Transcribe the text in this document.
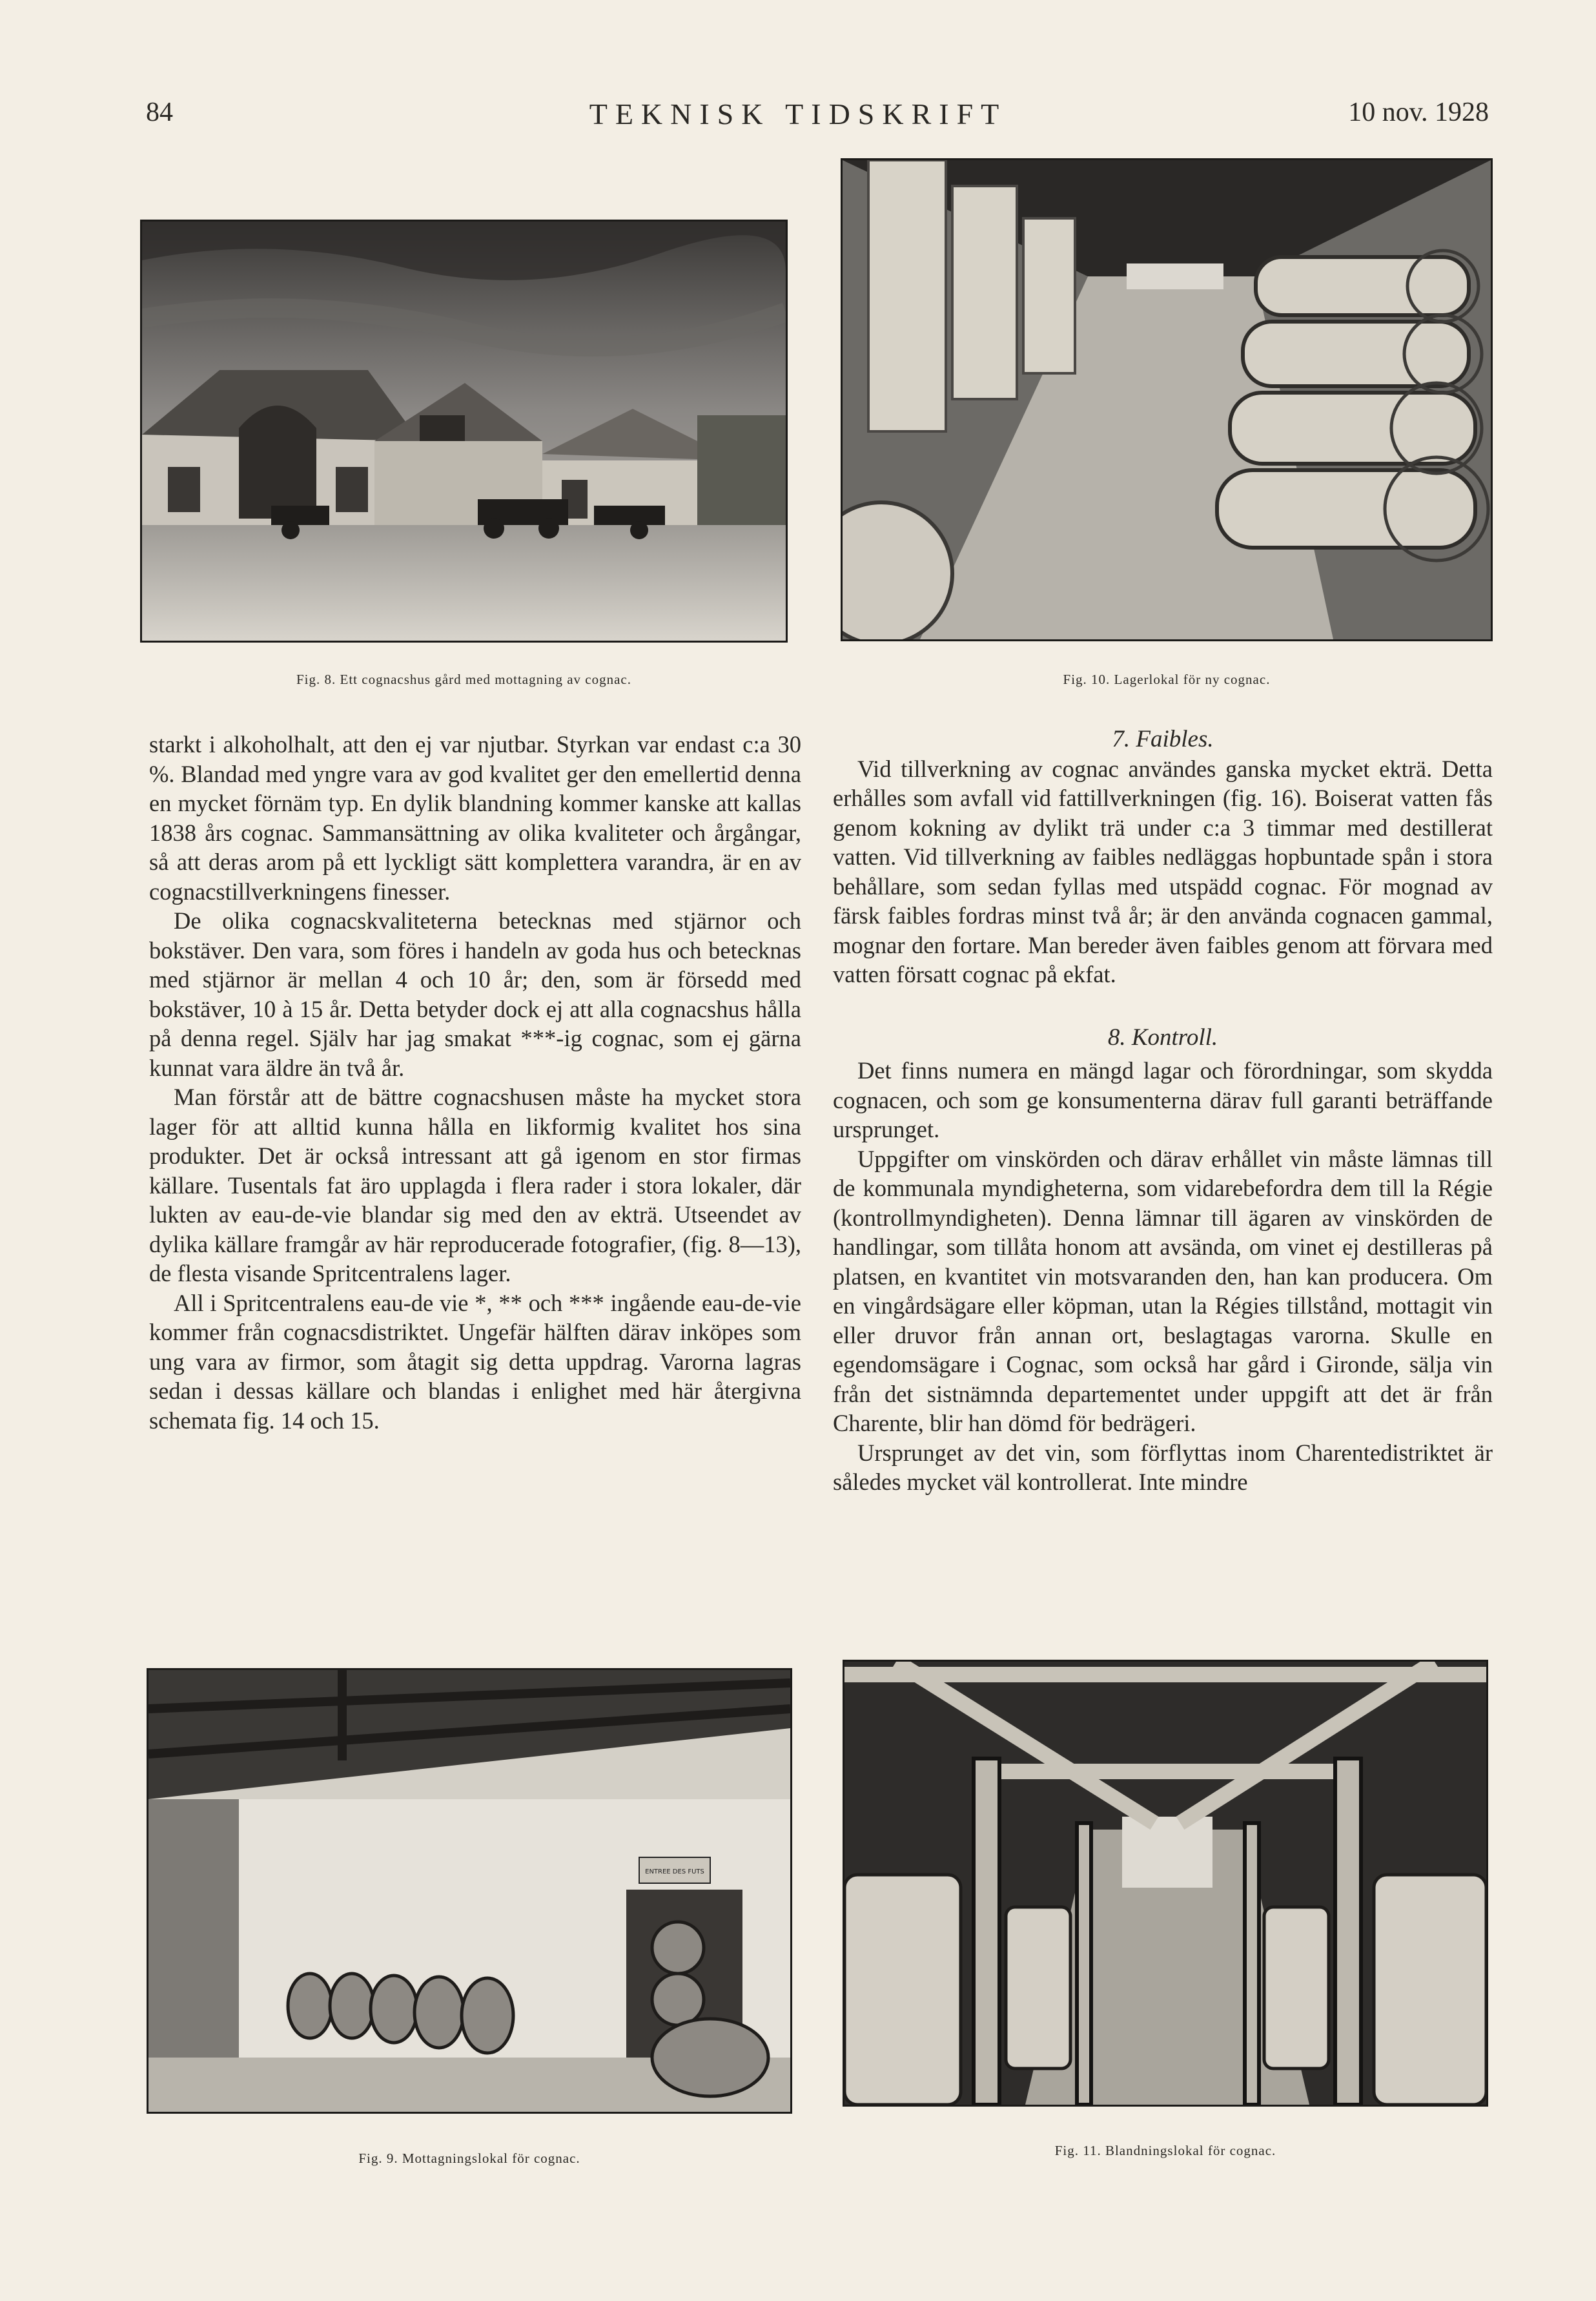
84	TEKNISK TIDSKRIFT	10 nov. 1928
Fig. 8. Ett cognacshus gård med mottagning av cognac.	Fig. 10. Lagerlokal för ny cognac.

starkt i alkoholhalt, att den ej var njutbar. Styrkan var endast c:a 30 %. Blandad med yngre vara av god kvalitet ger den emellertid denna en mycket förnäm typ. En dylik blandning kommer kanske att kallas 1838 års cognac. Sammansättning av olika kvaliteter och årgångar, så att deras arom på ett lyckligt sätt komplettera varandra, är en av cognacstillverkningens finesser.

De olika cognacskvaliteterna betecknas med stjärnor och bokstäver. Den vara, som föres i handeln av goda hus och betecknas med stjärnor är mellan 4 och 10 år; den, som är försedd med bokstäver, 10 à 15 år. Detta betyder dock ej att alla cognacshus hålla på denna regel. Själv har jag smakat ***-ig cognac, som ej gärna kunnat vara äldre än två år.

Man förstår att de bättre cognacshusen måste ha mycket stora lager för att alltid kunna hålla en likformig kvalitet hos sina produkter. Det är också intressant att gå igenom en stor firmas källare. Tusentals fat äro upplagda i flera rader i stora lokaler, där lukten av eau-de-vie blandar sig med den av ekträ. Utseendet av dylika källare framgår av här reproducerade fotografier, (fig. 8—13), de flesta visande Spritcentralens lager.

All i Spritcentralens eau-de vie *, ** och *** ingående eau-de-vie kommer från cognacsdistriktet. Ungefär hälften därav inköpes som ung vara av firmor, som åtagit sig detta uppdrag. Varorna lagras sedan i dessas källare och blandas i enlighet med här återgivna schemata fig. 14 och 15.

7. Faibles.

Vid tillverkning av cognac användes ganska mycket ekträ. Detta erhålles som avfall vid fattillverkningen (fig. 16). Boiserat vatten fås genom kokning av dylikt trä under c:a 3 timmar med destillerat vatten. Vid tillverkning av faibles nedläggas hopbuntade spån i stora behållare, som sedan fyllas med utspädd cognac. För mognad av färsk faibles fordras minst två år; är den använda cognacen gammal, mognar den fortare. Man bereder även faibles genom att förvara med vatten försatt cognac på ekfat.

8. Kontroll.

Det finns numera en mängd lagar och förordningar, som skydda cognacen, och som ge konsumenterna därav full garanti beträffande ursprunget.

Uppgifter om vinskörden och därav erhållet vin måste lämnas till de kommunala myndigheterna, som vidarebefordra dem till la Régie (kontrollmyndigheten). Denna lämnar till ägaren av vinskörden de handlingar, som tillåta honom att avsända, om vinet ej destilleras på platsen, en kvantitet vin motsvaranden den, han kan producera. Om en vingårdsägare eller köpman, utan la Régies tillstånd, mottagit vin eller druvor från annan ort, beslagtagas varorna. Skulle en egendomsägare i Cognac, som också har gård i Gironde, sälja vin från det sistnämnda departementet under uppgift att det är från Charente, blir han dömd för bedrägeri.

Ursprunget av det vin, som förflyttas inom Charentedistriktet är således mycket väl kontrollerat. Inte mindre

ENTREE DES FUTS
Fig. 9. Mottagningslokal för cognac.	Fig. 11. Blandningslokal för cognac.
